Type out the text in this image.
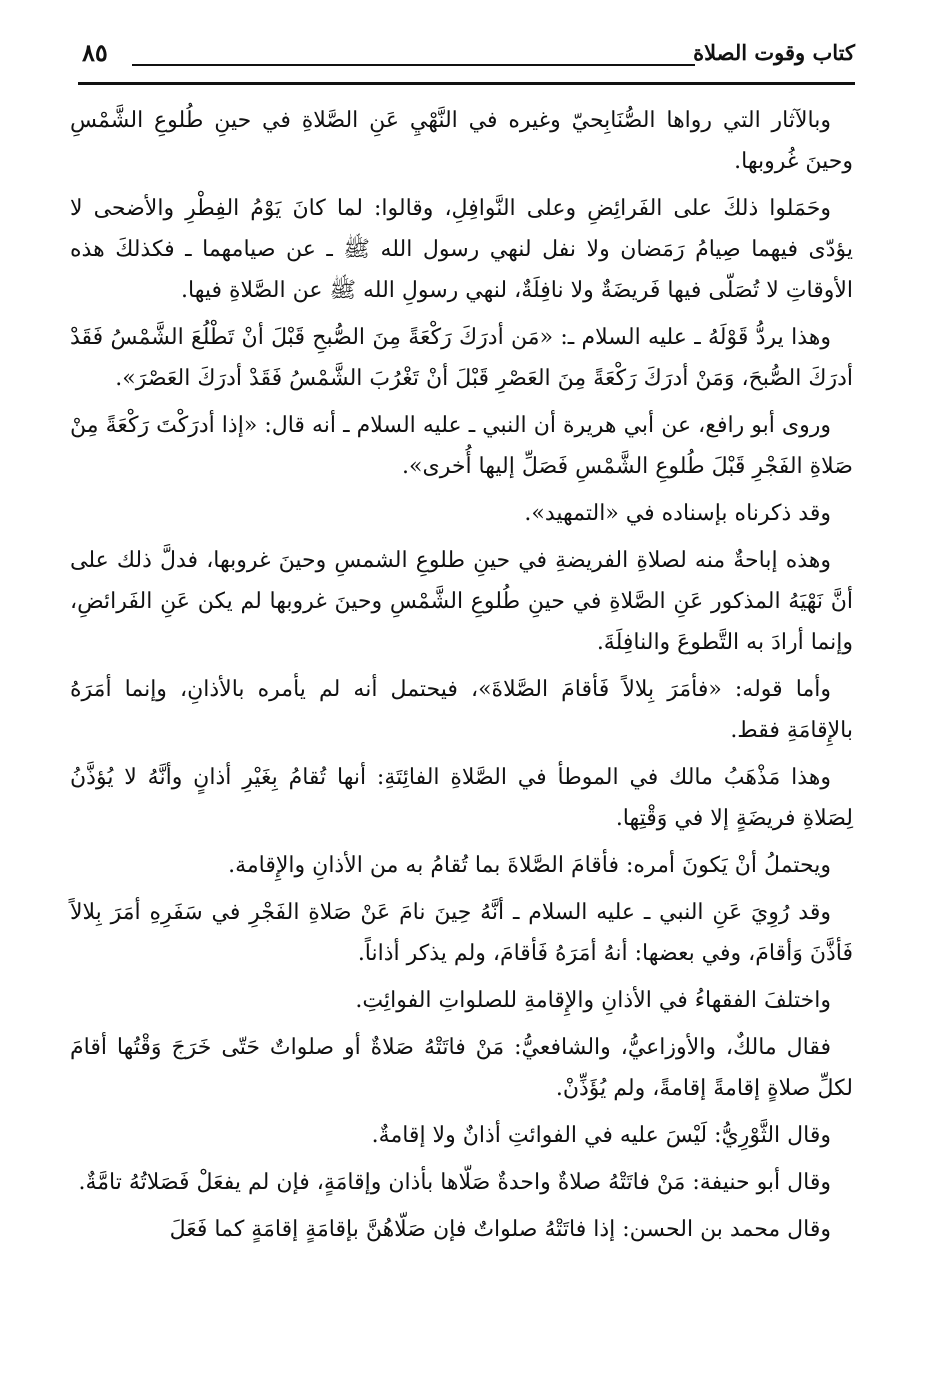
كتاب وقوت الصلاة
٨٥

وبالآثار التي رواها الصُّنَابِحيّ وغيره في النَّهْيِ عَنِ الصَّلاةِ في حينِ طُلوعِ الشَّمْسِ وحينَ غُروبها.

وحَمَلوا ذلكَ على الفَرائِضِ وعلى النَّوافِلِ، وقالوا: لما كانَ يَوْمُ الفِطْرِ والأضحى لا يؤدّى فيهما صِيامُ رَمَضان ولا نفل لنهي رسول الله ﷺ ـ عن صيامهما ـ فكذلكَ هذه الأوقاتِ لا تُصَلّى فيها فَريضَةٌ ولا نافِلَةٌ، لنهي رسولِ الله ﷺ عن الصَّلاةِ فيها.

وهذا يردُّ قَوْلَهُ ـ عليه السلام ـ: «مَن أدرَكَ رَكْعَةً مِنَ الصُّبحِ قَبْلَ أنْ تَطْلُعَ الشَّمْسُ فَقَدْ أدرَكَ الصُّبحَ، وَمَنْ أدرَكَ رَكْعَةً مِنَ العَصْرِ قَبْلَ أنْ تَغْرُبَ الشَّمْسُ فَقَدْ أدرَكَ العَصْرَ».

وروى أبو رافع، عن أبي هريرة أن النبي ـ عليه السلام ـ أنه قال: «إذا أدرَكْتَ رَكْعَةً مِنْ صَلاةِ الفَجْرِ قَبْلَ طُلوعِ الشَّمْسِ فَصَلِّ إليها أُخرى».

وقد ذكرناه بإسناده في «التمهيد».

وهذه إباحةٌ منه لصلاةِ الفريضةِ في حينِ طلوعِ الشمسِ وحينَ غروبها، فدلَّ ذلك على أنَّ نَهْيَهُ المذكور عَنِ الصَّلاةِ في حينِ طُلوعِ الشَّمْسِ وحينَ غروبها لم يكن عَنِ الفَرائضِ، وإنما أرادَ به التَّطوعَ والنافِلَةَ.

وأما قوله: «فأمَرَ بِلالاً فَأقامَ الصَّلاةَ»، فيحتمل أنه لم يأمره بالأذانِ، وإنما أمَرَهُ بالإِقامَةِ فقط.

وهذا مَذْهَبُ مالك في الموطأ في الصَّلاةِ الفائِتَةِ: أنها تُقامُ بِغَيْرِ أذانٍ وأنَّهُ لا يُؤذَّنُ لِصَلاةِ فريضَةٍ إلا في وَقْتِها.

ويحتملُ أنْ يَكونَ أمره: فأقامَ الصَّلاةَ بما تُقامُ به من الأذانِ والإِقامة.

وقد رُوِيَ عَنِ النبي ـ عليه السلام ـ أنَّهُ حِينَ نامَ عَنْ صَلاةِ الفَجْرِ في سَفَرِهِ أمَرَ بِلالاً فَأذَّنَ وَأقامَ، وفي بعضها: أنهُ أمَرَهُ فَأقامَ، ولم يذكر أذاناً.

واختلفَ الفقهاءُ في الأذانِ والإِقامةِ للصلواتِ الفوائِتِ.

فقال مالكٌ، والأوزاعيُّ، والشافعيُّ: مَنْ فاتَتْهُ صَلاةٌ أو صلواتٌ حَتّى خَرَجَ وَقْتُها أقامَ لكلِّ صلاةٍ إقامةً إقامةً، ولم يُؤَذِّنْ.

وقال الثَّوْرِيُّ: لَيْسَ عليه في الفوائتِ أذانٌ ولا إقامةٌ.

وقال أبو حنيفة: مَنْ فاتَتْهُ صلاةٌ واحدةٌ صَلّاها بأذان وإقامَةٍ، فإن لم يفعَلْ فَصَلاتُهُ تامَّةٌ.

وقال محمد بن الحسن: إذا فاتَتْهُ صلواتٌ فإن صَلّاهُنَّ بإقامَةٍ إقامَةٍ كما فَعَلَ
